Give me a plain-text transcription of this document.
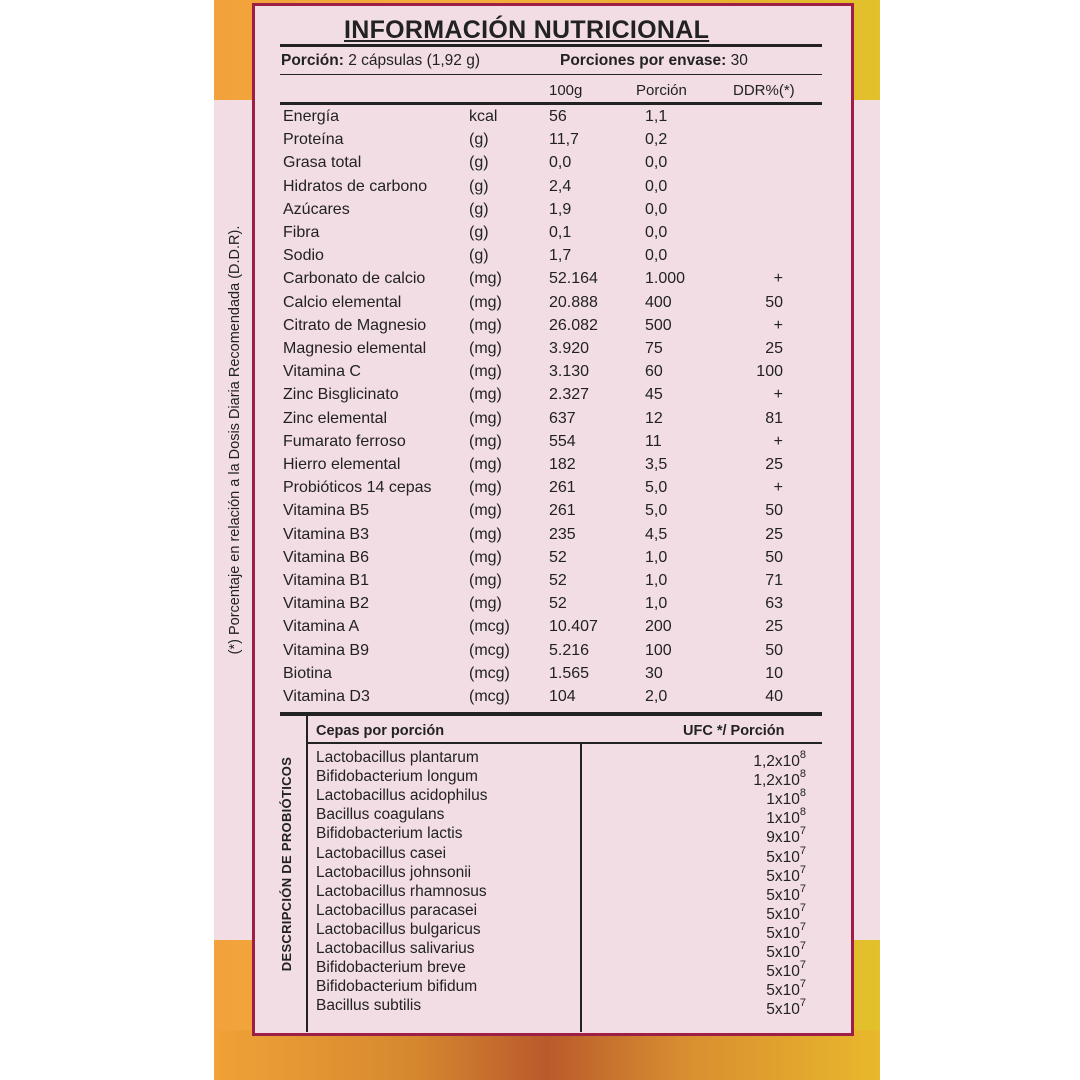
(*) Porcentaje en relación a la Dosis Diaria Recomendada (D.D.R).
INFORMACIÓN NUTRICIONAL
Porción: 2 cápsulas (1,92 g)	Porciones por envase: 30
100g	Porción	DDR%(*)
Energía	kcal	56	1,1
Proteína	(g)	11,7	0,2
Grasa total	(g)	0,0	0,0
Hidratos de carbono	(g)	2,4	0,0
Azúcares	(g)	1,9	0,0
Fibra	(g)	0,1	0,0
Sodio	(g)	1,7	0,0
Carbonato de calcio	(mg)	52.164	1.000	+
Calcio elemental	(mg)	20.888	400	50
Citrato de Magnesio	(mg)	26.082	500	+
Magnesio elemental	(mg)	3.920	75	25
Vitamina C	(mg)	3.130	60	100
Zinc Bisglicinato	(mg)	2.327	45	+
Zinc elemental	(mg)	637	12	81
Fumarato ferroso	(mg)	554	11	+
Hierro elemental	(mg)	182	3,5	25
Probióticos 14 cepas (mg)	261	5,0	+
Vitamina B5	(mg)	261	5,0	50
Vitamina B3	(mg)	235	4,5	25
Vitamina B6	(mg)	52	1,0	50
Vitamina B1	(mg)	52	1,0	71
Vitamina B2	(mg)	52	1,0	63
Vitamina A	(mcg) 10.407	200	25
Vitamina B9	(mcg) 5.216	100	50
Biotina	(mcg) 1.565	30	10
Vitamina D3	(mcg) 104	2,0	40
DESCRIPCIÓN DE PROBIÓTICOS
Cepas por porción	UFC */ Porción
Lactobacillus plantarum	$1,2x10^8$
Bifidobacterium longum	$1,2x10^8$
Lactobacillus acidophilus	$1x10^8$
Bacillus coagulans	$1x10^8$
Bifidobacterium lactis	$9x10^7$
Lactobacillus casei	$5x10^7$
Lactobacillus johnsonii	$5x10^7$
Lactobacillus rhamnosus	$5x10^7$
Lactobacillus paracasei	$5x10^7$
Lactobacillus bulgaricus	$5x10^7$
Lactobacillus salivarius	$5x10^7$
Bifidobacterium breve	$5x10^7$
Bifidobacterium bifidum	$5x10^7$
Bacillus subtilis	$5x10^7$
